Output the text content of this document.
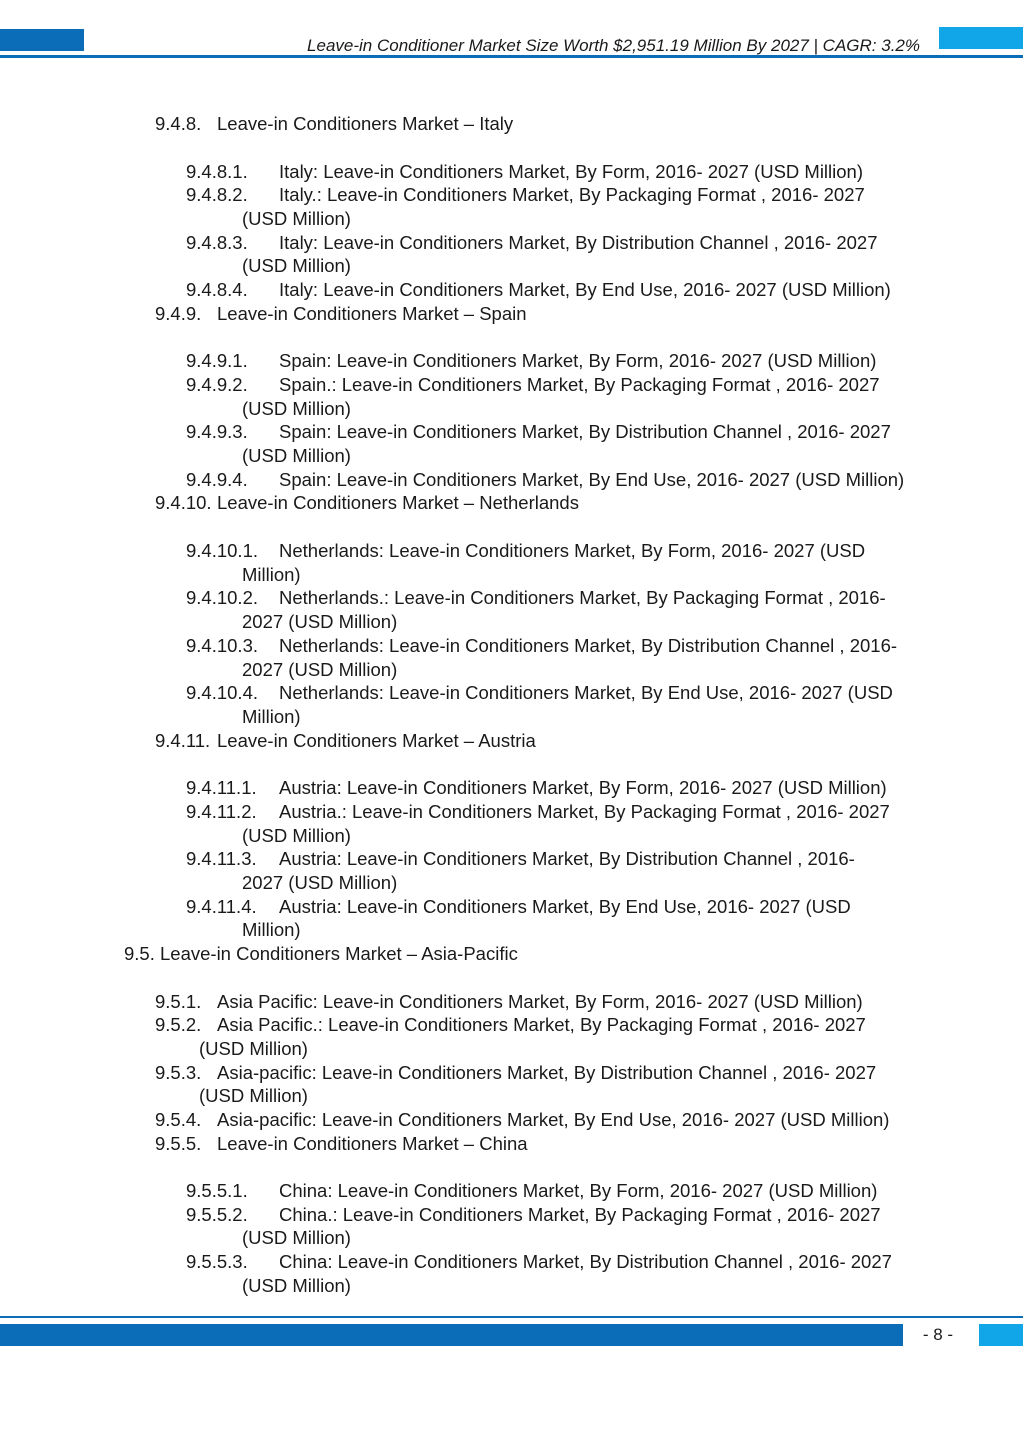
Leave-in Conditioner Market Size Worth $2,951.19 Million By 2027 | CAGR: 3.2%
9.4.8. Leave-in Conditioners Market – Italy
9.4.8.1. Italy: Leave-in Conditioners Market, By Form, 2016- 2027 (USD Million)
9.4.8.2. Italy.: Leave-in Conditioners Market, By Packaging Format , 2016- 2027
(USD Million)
9.4.8.3. Italy: Leave-in Conditioners Market, By Distribution Channel , 2016- 2027
(USD Million)
9.4.8.4. Italy: Leave-in Conditioners Market, By End Use, 2016- 2027 (USD Million)
9.4.9. Leave-in Conditioners Market – Spain
9.4.9.1. Spain: Leave-in Conditioners Market, By Form, 2016- 2027 (USD Million)
9.4.9.2. Spain.: Leave-in Conditioners Market, By Packaging Format , 2016- 2027
(USD Million)
9.4.9.3. Spain: Leave-in Conditioners Market, By Distribution Channel , 2016- 2027
(USD Million)
9.4.9.4. Spain: Leave-in Conditioners Market, By End Use, 2016- 2027 (USD Million)
9.4.10. Leave-in Conditioners Market – Netherlands
9.4.10.1. Netherlands: Leave-in Conditioners Market, By Form, 2016- 2027 (USD
Million)
9.4.10.2. Netherlands.: Leave-in Conditioners Market, By Packaging Format , 2016-
2027 (USD Million)
9.4.10.3. Netherlands: Leave-in Conditioners Market, By Distribution Channel , 2016-
2027 (USD Million)
9.4.10.4. Netherlands: Leave-in Conditioners Market, By End Use, 2016- 2027 (USD
Million)
9.4.11. Leave-in Conditioners Market – Austria
9.4.11.1. Austria: Leave-in Conditioners Market, By Form, 2016- 2027 (USD Million)
9.4.11.2. Austria.: Leave-in Conditioners Market, By Packaging Format , 2016- 2027
(USD Million)
9.4.11.3. Austria: Leave-in Conditioners Market, By Distribution Channel , 2016-
2027 (USD Million)
9.4.11.4. Austria: Leave-in Conditioners Market, By End Use, 2016- 2027 (USD
Million)
9.5. Leave-in Conditioners Market – Asia-Pacific
9.5.1. Asia Pacific: Leave-in Conditioners Market, By Form, 2016- 2027 (USD Million)
9.5.2. Asia Pacific.: Leave-in Conditioners Market, By Packaging Format , 2016- 2027
(USD Million)
9.5.3. Asia-pacific: Leave-in Conditioners Market, By Distribution Channel , 2016- 2027
(USD Million)
9.5.4. Asia-pacific: Leave-in Conditioners Market, By End Use, 2016- 2027 (USD Million)
9.5.5. Leave-in Conditioners Market – China
9.5.5.1. China: Leave-in Conditioners Market, By Form, 2016- 2027 (USD Million)
9.5.5.2. China.: Leave-in Conditioners Market, By Packaging Format , 2016- 2027
(USD Million)
9.5.5.3. China: Leave-in Conditioners Market, By Distribution Channel , 2016- 2027
(USD Million)
- 8 -
